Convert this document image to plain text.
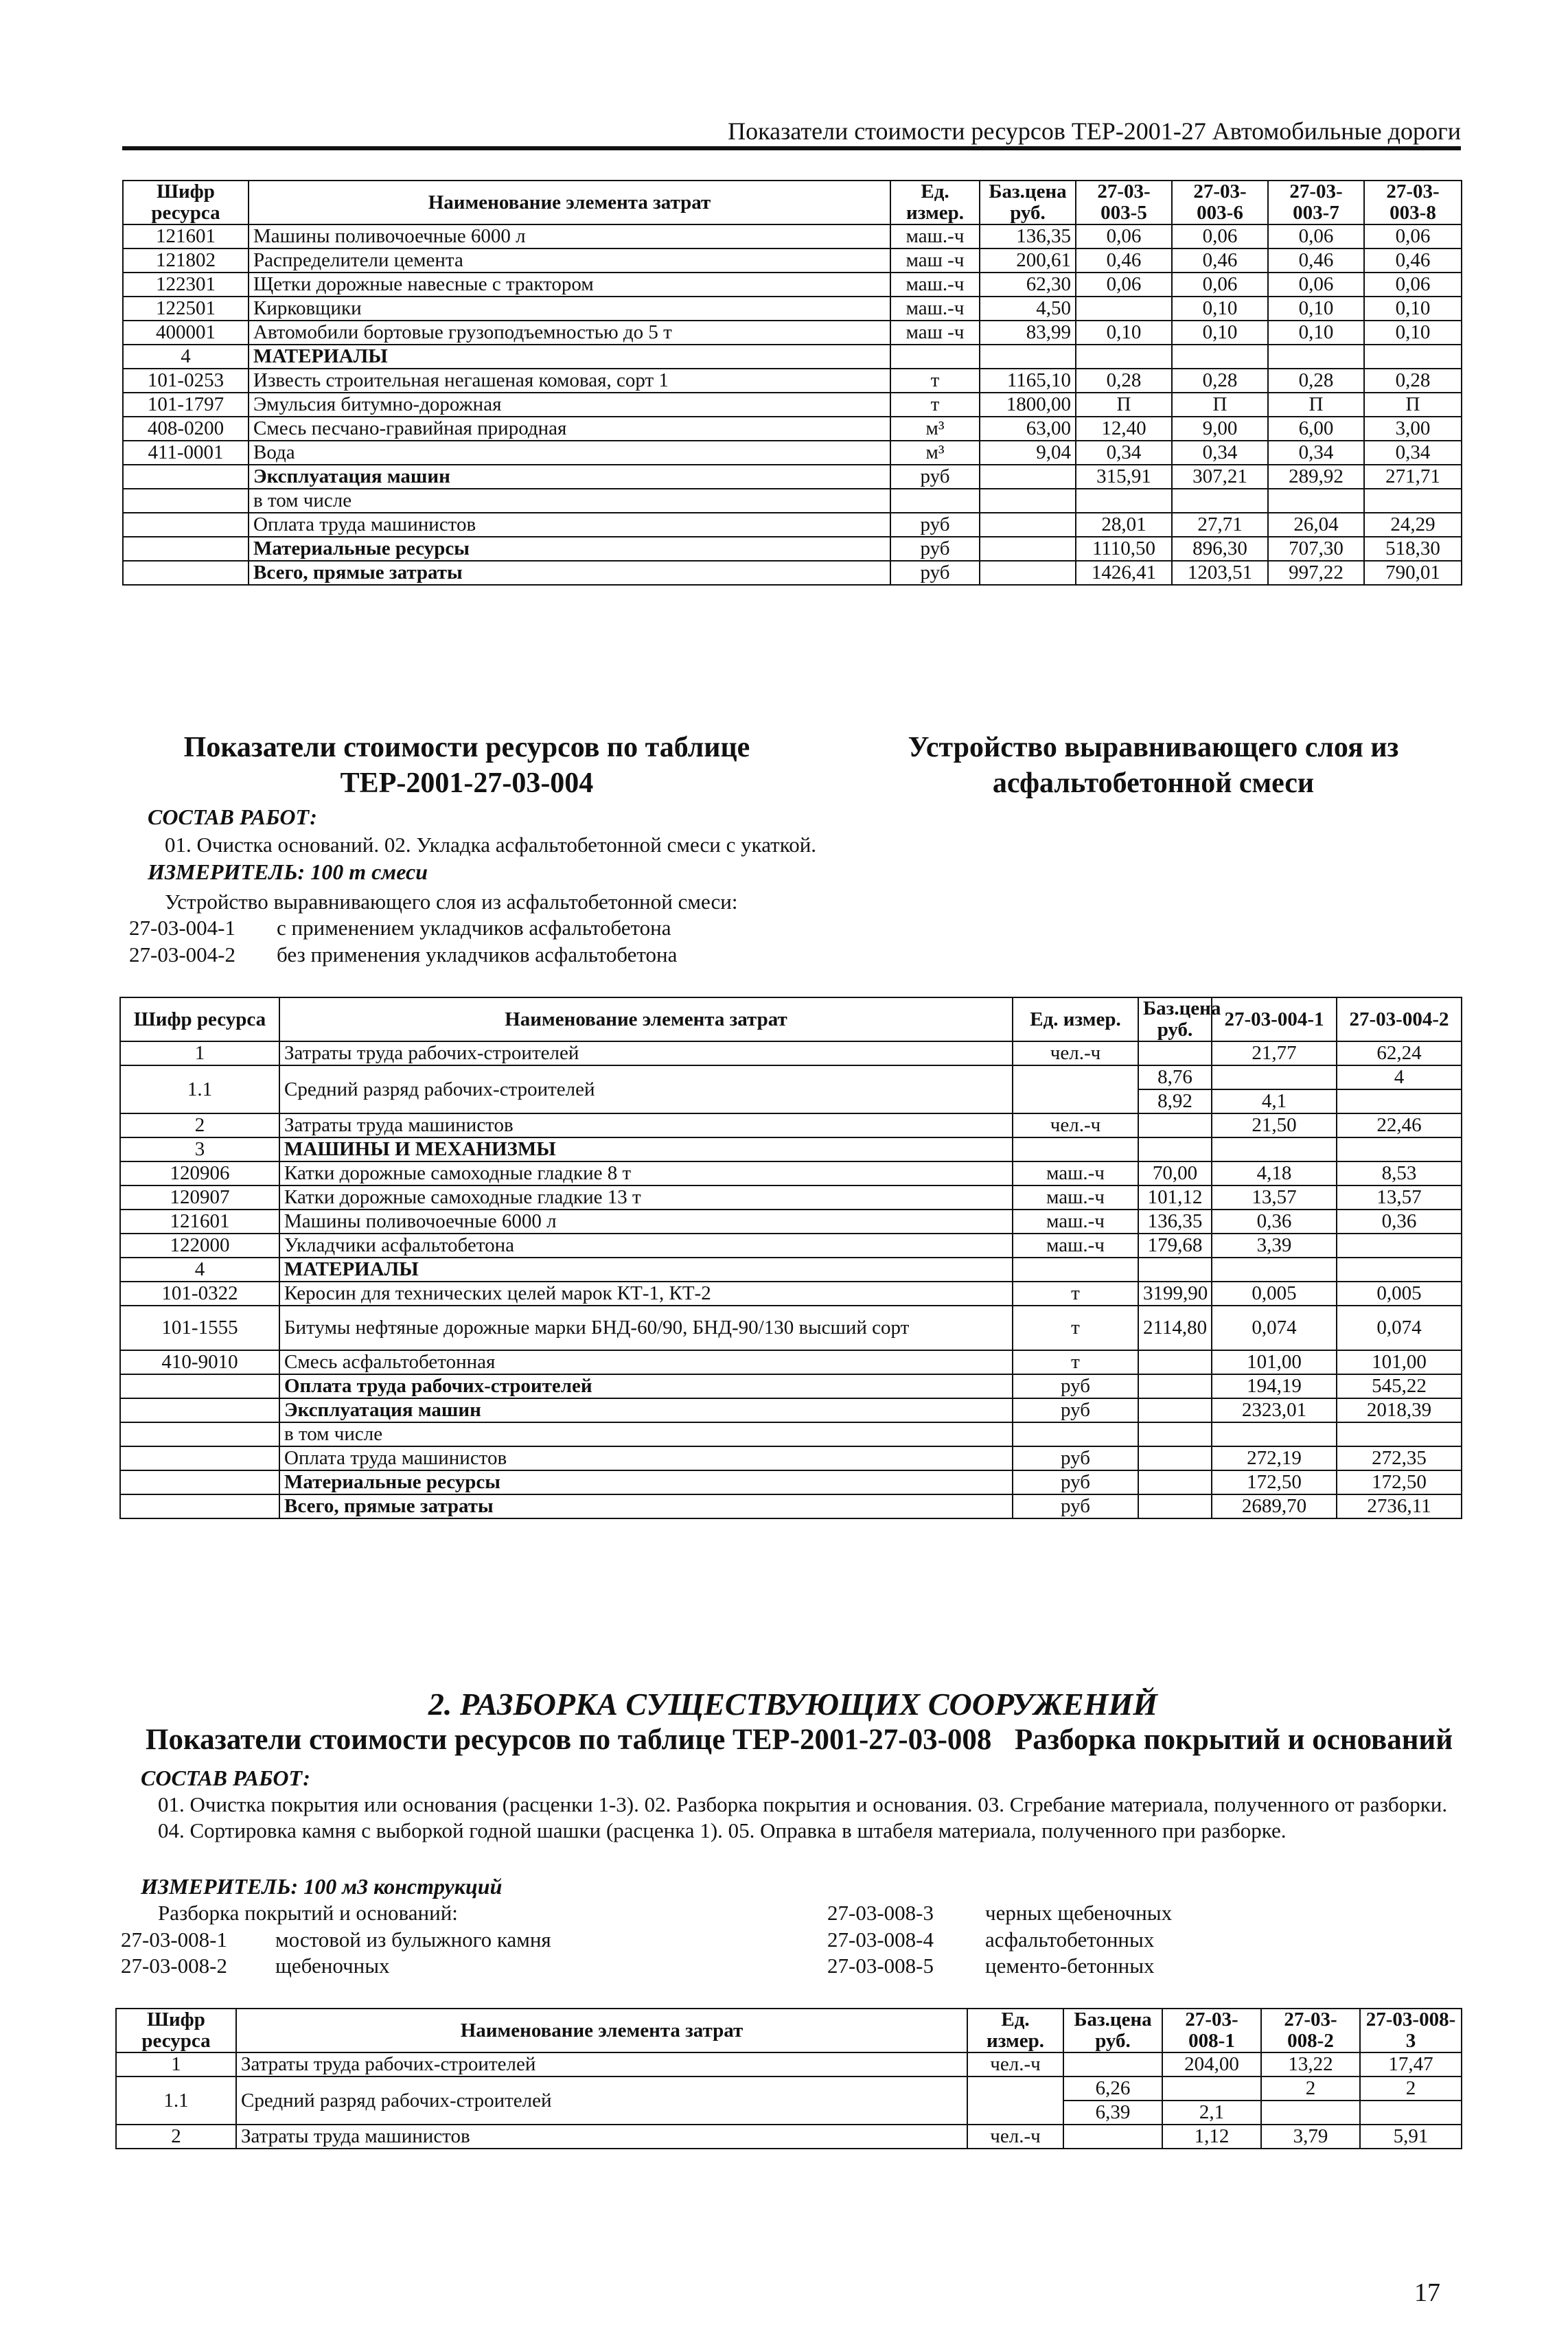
Показатели стоимости ресурсов ТЕР-2001-27 Автомобильные дороги
Шифр ресурса	Наименование элемента затрат	Ед. измер.	Баз.цена руб.	27-03-003-5	27-03-003-6	27-03-003-7	27-03-003-8
121601	Машины поливочоечные 6000 л	маш.-ч	136,35	0,06	0,06	0,06	0,06
121802	Распределители цемента	маш -ч	200,61	0,46	0,46	0,46	0,46
122301	Щетки дорожные навесные с трактором	маш.-ч	62,30	0,06	0,06	0,06	0,06
122501	Кирковщики	маш.-ч	4,50		0,10	0,10	0,10
400001	Автомобили бортовые грузоподъемностью до 5 т	маш -ч	83,99	0,10	0,10	0,10	0,10
4	МАТЕРИАЛЫ						
101-0253	Известь строительная негашеная комовая, сорт 1	т	1165,10	0,28	0,28	0,28	0,28
101-1797	Эмульсия битумно-дорожная	т	1800,00	П	П	П	П
408-0200	Смесь песчано-гравийная природная	м³	63,00	12,40	9,00	6,00	3,00
411-0001	Вода	м³	9,04	0,34	0,34	0,34	0,34
	Эксплуатация машин	руб		315,91	307,21	289,92	271,71
	в том числе						
	Оплата труда машинистов	руб		28,01	27,71	26,04	24,29
	Материальные ресурсы	руб		1110,50	896,30	707,30	518,30
	Всего, прямые затраты	руб		1426,41	1203,51	997,22	790,01
Показатели стоимости ресурсов по таблице
ТЕР-2001-27-03-004
Устройство выравнивающего слоя из
асфальтобетонной смеси
СОСТАВ РАБОТ:
01. Очистка оснований. 02. Укладка асфальтобетонной смеси с укаткой.
ИЗМЕРИТЕЛЬ: 100 т смеси
Устройство выравнивающего слоя из асфальтобетонной смеси:
27-03-004-1 с применением укладчиков асфальтобетона
27-03-004-2 без применения укладчиков асфальтобетона
Шифр ресурса	Наименование элемента затрат	Ед. измер.	Баз.цена руб.	27-03-004-1	27-03-004-2
1	Затраты труда рабочих-строителей	чел.-ч		21,77	62,24
1.1	Средний разряд рабочих-строителей		8,76		4
			8,92	4,1	
2	Затраты труда машинистов	чел.-ч		21,50	22,46
3	МАШИНЫ И МЕХАНИЗМЫ				
120906	Катки дорожные самоходные гладкие 8 т	маш.-ч	70,00	4,18	8,53
120907	Катки дорожные самоходные гладкие 13 т	маш.-ч	101,12	13,57	13,57
121601	Машины поливочоечные 6000 л	маш.-ч	136,35	0,36	0,36
122000	Укладчики асфальтобетона	маш.-ч	179,68	3,39	
4	МАТЕРИАЛЫ				
101-0322	Керосин для технических целей марок КТ-1, КТ-2	т	3199,90	0,005	0,005
101-1555	Битумы нефтяные дорожные марки БНД-60/90, БНД-90/130 высший сорт	т	2114,80	0,074	0,074
410-9010	Смесь асфальтобетонная	т		101,00	101,00
	Оплата труда рабочих-строителей	руб		194,19	545,22
	Эксплуатация машин	руб		2323,01	2018,39
	в том числе				
	Оплата труда машинистов	руб		272,19	272,35
	Материальные ресурсы	руб		172,50	172,50
	Всего, прямые затраты	руб		2689,70	2736,11
2. РАЗБОРКА СУЩЕСТВУЮЩИХ СООРУЖЕНИЙ
Показатели стоимости ресурсов по таблице ТЕР-2001-27-03-008 Разборка покрытий и оснований
СОСТАВ РАБОТ:
01. Очистка покрытия или основания (расценки 1-3). 02. Разборка покрытия и основания. 03. Сгребание материала, полученного от разборки. 04. Сортировка камня с выборкой годной шашки (расценка 1). 05. Оправка в штабеля материала, полученного при разборке.
ИЗМЕРИТЕЛЬ: 100 м3 конструкций
Разборка покрытий и оснований:
27-03-008-1 мостовой из булыжного камня
27-03-008-2 щебеночных
27-03-008-3 черных щебеночных
27-03-008-4 асфальтобетонных
27-03-008-5 цементо-бетонных
Шифр ресурса	Наименование элемента затрат	Ед. измер.	Баз.цена руб.	27-03-008-1	27-03-008-2	27-03-008-3
1	Затраты труда рабочих-строителей	чел.-ч		204,00	13,22	17,47
1.1	Средний разряд рабочих-строителей		6,26		2	2
			6,39	2,1		
2	Затраты труда машинистов	чел.-ч		1,12	3,79	5,91
17
